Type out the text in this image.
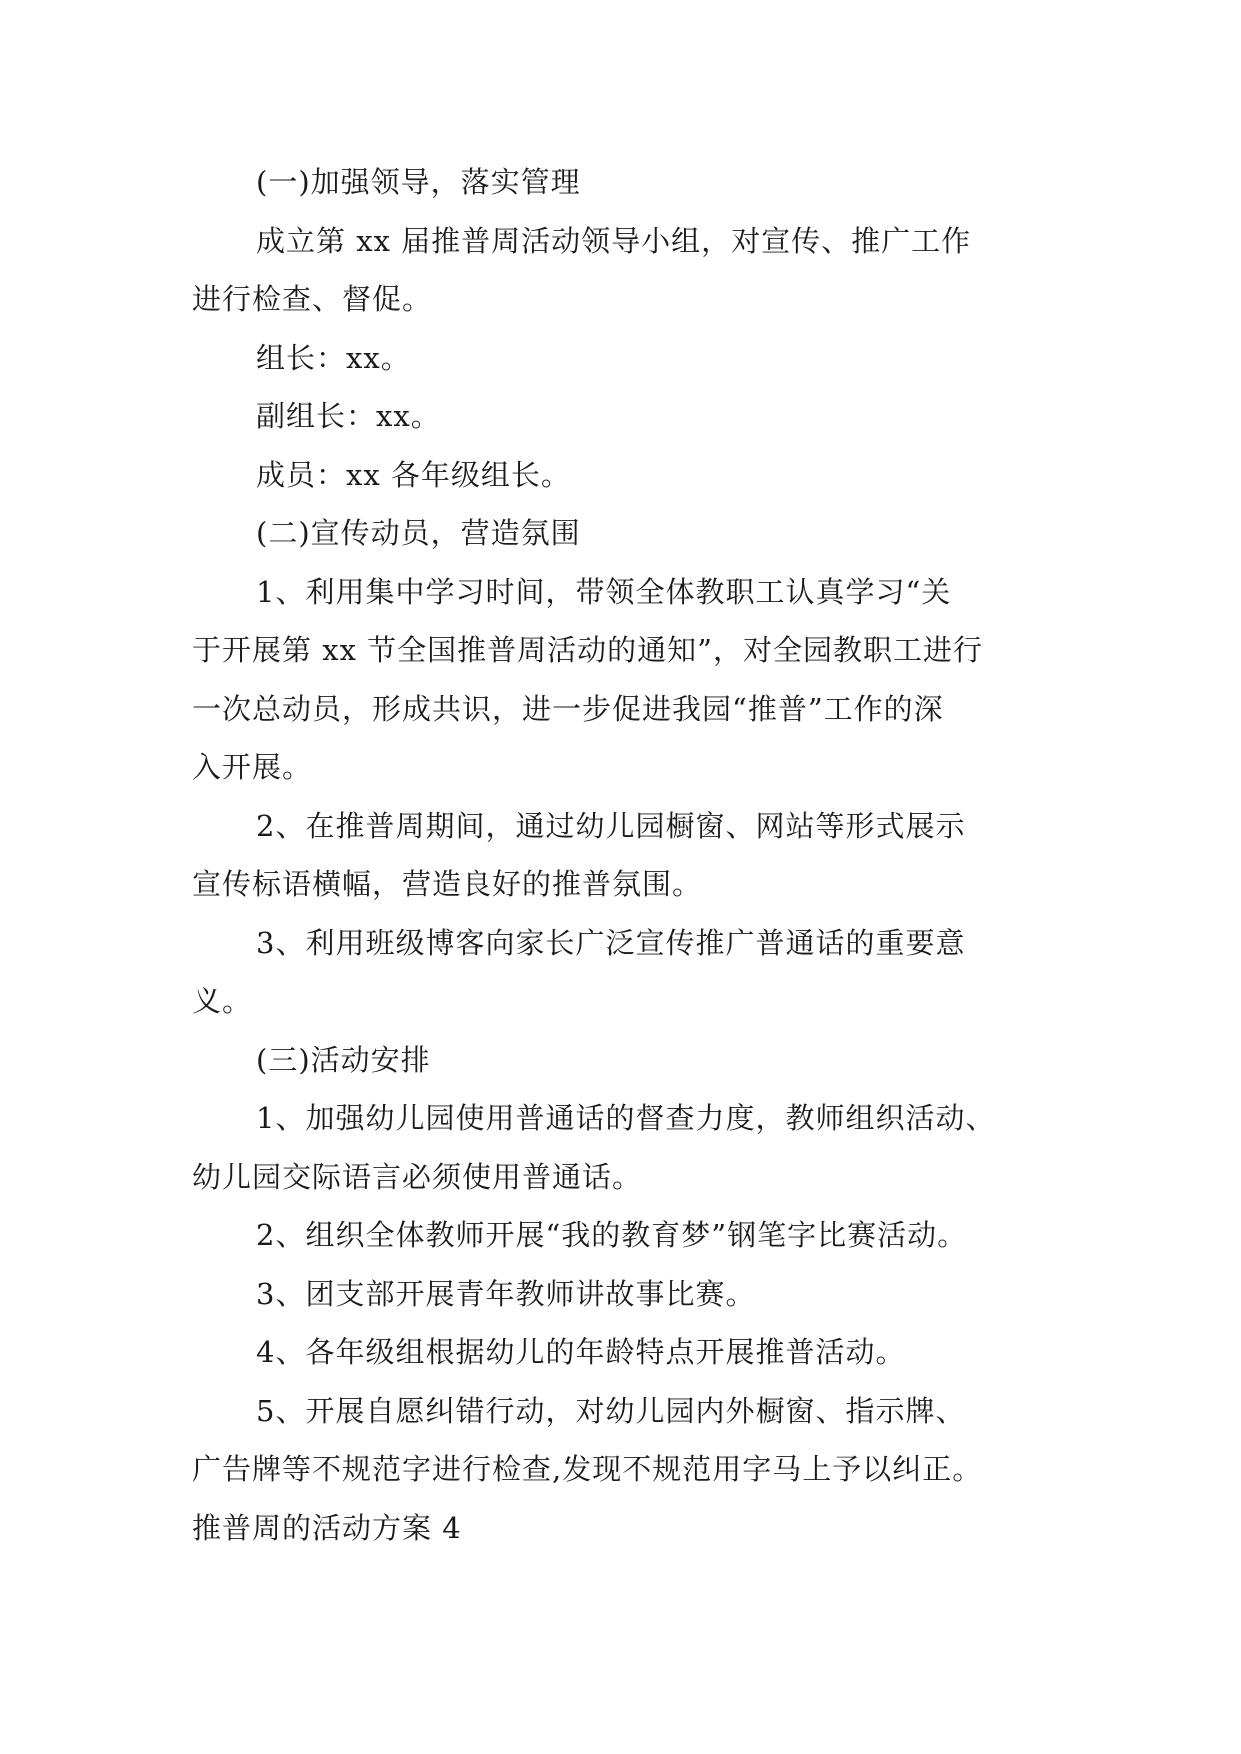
(一)加强领导，落实管理
成立第 xx 届推普周活动领导小组，对宣传、推广工作
进行检查、督促。
组长：xx。
副组长：xx。
成员：xx 各年级组长。
(二)宣传动员，营造氛围
1、利用集中学习时间，带领全体教职工认真学习“关
于开展第 xx 节全国推普周活动的通知”，对全园教职工进行
一次总动员，形成共识，进一步促进我园“推普”工作的深
入开展。
2、在推普周期间，通过幼儿园橱窗、网站等形式展示
宣传标语横幅，营造良好的推普氛围。
3、利用班级博客向家长广泛宣传推广普通话的重要意
义。
(三)活动安排
1、加强幼儿园使用普通话的督查力度，教师组织活动、
幼儿园交际语言必须使用普通话。
2、组织全体教师开展“我的教育梦”钢笔字比赛活动。
3、团支部开展青年教师讲故事比赛。
4、各年级组根据幼儿的年龄特点开展推普活动。
5、开展自愿纠错行动，对幼儿园内外橱窗、指示牌、
广告牌等不规范字进行检查,发现不规范用字马上予以纠正。
推普周的活动方案 4
